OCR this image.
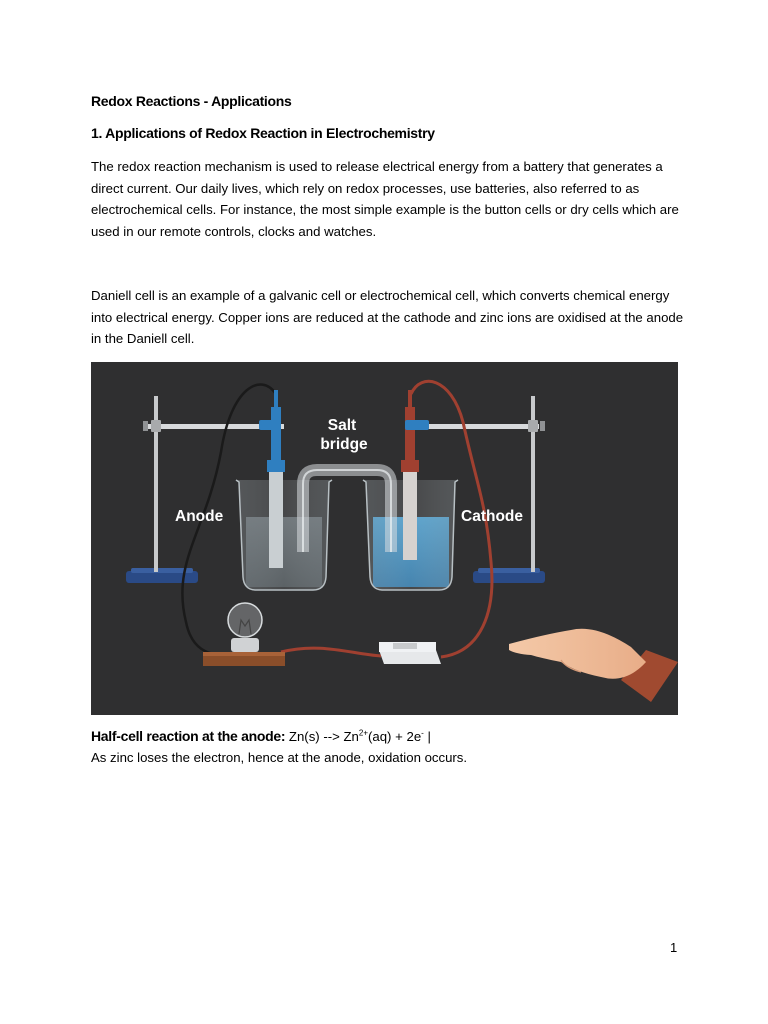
Redox Reactions - Applications
1. Applications of Redox Reaction in Electrochemistry

The redox reaction mechanism is used to release electrical energy from a battery that generates a direct current. Our daily lives, which rely on redox processes, use batteries, also referred to as electrochemical cells. For instance, the most simple example is the button cells or dry cells which are used in our remote controls, clocks and watches.

Daniell cell is an example of a galvanic cell or electrochemical cell, which converts chemical energy into electrical energy. Copper ions are reduced at the cathode and zinc ions are oxidised at the anode in the Daniell cell.

Salt
bridge
Anode	Cathode
Half-cell reaction at the anode: Zn(s) --> $Zn^{2+}(aq) + 2e^-$ |
As zinc loses the electron, hence at the anode, oxidation occurs.
1
